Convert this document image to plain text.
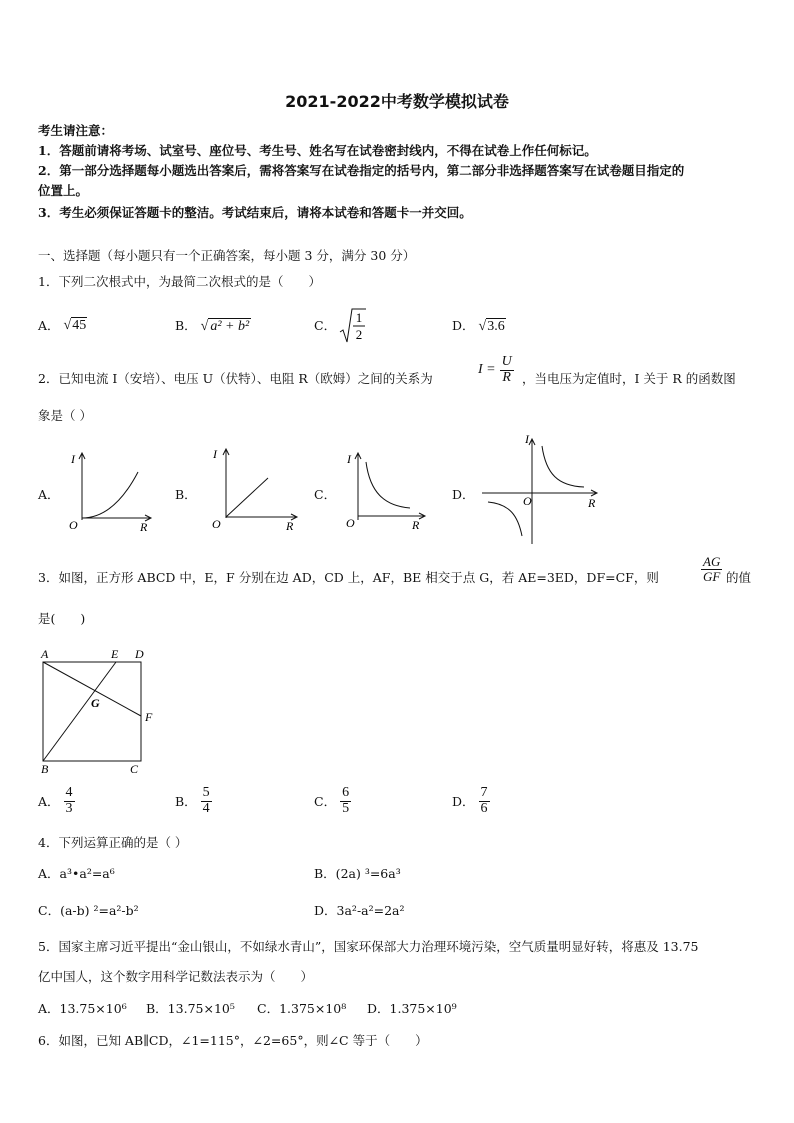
2021-2022中考数学模拟试卷
考生请注意：
1．答题前请将考场、试室号、座位号、考生号、姓名写在试卷密封线内，不得在试卷上作任何标记。
2．第一部分选择题每小题选出答案后，需将答案写在试卷指定的括号内，第二部分非选择题答案写在试卷题目指定的
位置上。
3．考生必须保证答题卡的整洁。考试结束后，请将本试卷和答题卡一并交回。
一、选择题（每小题只有一个正确答案，每小题 3 分，满分 30 分）
1．下列二次根式中，为最简二次根式的是（　　）
A． √45	B． √ a² + b²	C．
1
2
D． √3.6
2．已知电流 I（安培）、电压 U（伏特）、电阻 R（欧姆）之间的关系为
$I = \frac{U}{R}$ ，当电压为定值时，I 关于 R 的函数图
象是（ ）
A．	B．	C．	D．
I
O	R
I
O	R
I
O	R
I
O	R
3．如图，正方形 ABCD 中，E，F 分别在边 AD，CD 上，AF，BE 相交于点 G，若 AE=3ED，DF=CF，则	$\frac{AG}{GF}$ 的值
是(　　)
A	E D
G
F
B	C
A． $\frac{4}{3}$	B． $\frac{5}{4}$	C． $\frac{6}{5}$	D． $\frac{7}{6}$
4．下列运算正确的是（ ）
A．a³•a²=a⁶	B．(2a) ³=6a³
C．(a-b) ²=a²-b²	D．3a²-a²=2a²
5．国家主席习近平提出“金山银山，不如绿水青山”，国家环保部大力治理环境污染，空气质量明显好转，将惠及 13.75
亿中国人，这个数字用科学记数法表示为（　　）
A．13.75×10⁶ B．13.75×10⁵ C．1.375×10⁸ D．1.375×10⁹
6．如图，已知 AB∥CD，∠1=115°，∠2=65°，则∠C 等于（　　）
